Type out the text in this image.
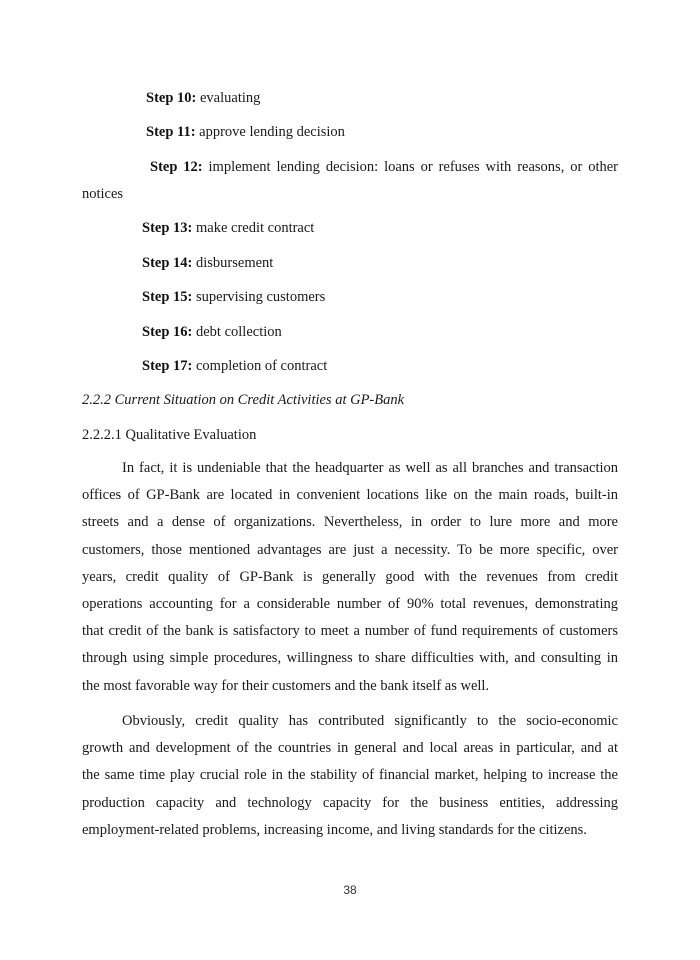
Step 10: evaluating
Step 11: approve lending decision
Step 12: implement lending decision: loans or refuses with reasons, or other
notices
Step 13: make credit contract
Step 14: disbursement
Step 15: supervising customers
Step 16: debt collection
Step 17: completion of contract
2.2.2 Current Situation on Credit Activities at GP-Bank
2.2.2.1 Qualitative Evaluation
In fact, it is undeniable that the headquarter as well as all branches and transaction
offices of GP-Bank are located in convenient locations like on the main roads, built-in
streets and a dense of organizations. Nevertheless, in order to lure more and more
customers, those mentioned advantages are just a necessity. To be more specific, over
years, credit quality of GP-Bank is generally good with the revenues from credit
operations accounting for a considerable number of 90% total revenues, demonstrating
that credit of the bank is satisfactory to meet a number of fund requirements of customers
through using simple procedures, willingness to share difficulties with, and consulting in
the most favorable way for their customers and the bank itself as well.
Obviously, credit quality has contributed significantly to the socio-economic
growth and development of the countries in general and local areas in particular, and at
the same time play crucial role in the stability of financial market, helping to increase the
production capacity and technology capacity for the business entities, addressing
employment-related problems, increasing income, and living standards for the citizens.
38
